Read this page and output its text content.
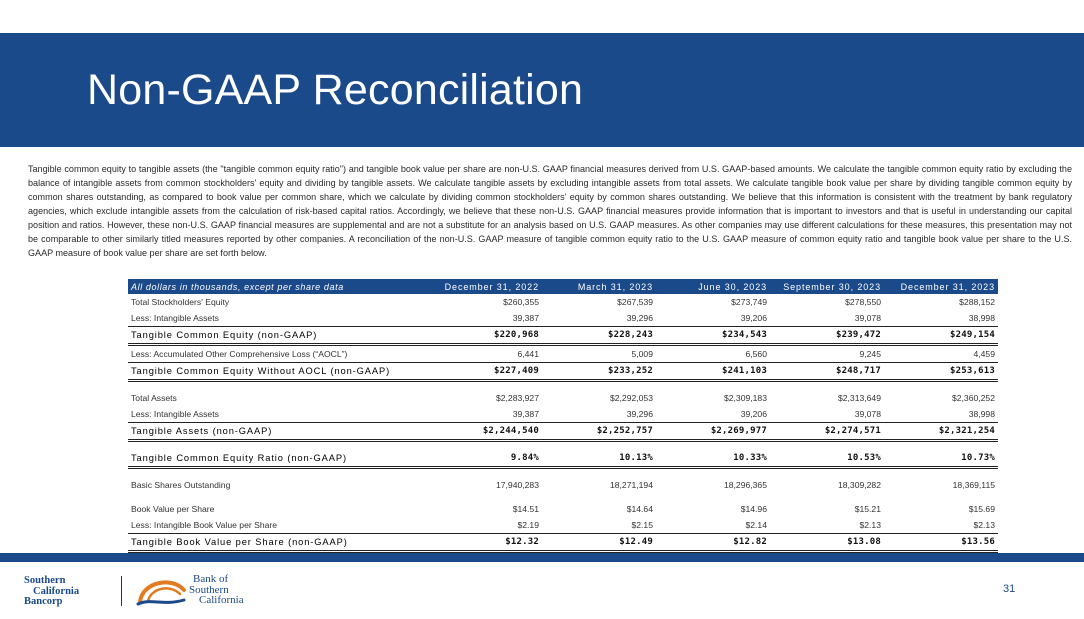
Non-GAAP Reconciliation
Tangible common equity to tangible assets (the "tangible common equity ratio") and tangible book value per share are non-U.S. GAAP financial measures derived from U.S. GAAP-based amounts. We calculate the tangible common equity ratio by excluding the balance of intangible assets from common stockholders' equity and dividing by tangible assets. We calculate tangible assets by excluding intangible assets from total assets. We calculate tangible book value per share by dividing tangible common equity by common shares outstanding, as compared to book value per common share, which we calculate by dividing common stockholders’ equity by common shares outstanding. We believe that this information is consistent with the treatment by bank regulatory agencies, which exclude intangible assets from the calculation of risk-based capital ratios. Accordingly, we believe that these non-U.S. GAAP financial measures provide information that is important to investors and that is useful in understanding our capital position and ratios. However, these non-U.S. GAAP financial measures are supplemental and are not a substitute for an analysis based on U.S. GAAP measures. As other companies may use different calculations for these measures, this presentation may not be comparable to other similarly titled measures reported by other companies. A reconciliation of the non-U.S. GAAP measure of tangible common equity ratio to the U.S. GAAP measure of common equity ratio and tangible book value per share to the U.S. GAAP measure of book value per share are set forth below.
All dollars in thousands, except per share data	December 31, 2022	March 31, 2023	June 30, 2023	September 30, 2023	December 31, 2023
Total Stockholders' Equity	$260,355	$267,539	$273,749	$278,550	$288,152
Less: Intangible Assets	39,387	39,296	39,206	39,078	38,998
Tangible Common Equity (non-GAAP)	$220,968	$228,243	$234,543	$239,472	$249,154
Less: Accumulated Other Comprehensive Loss (“AOCL”)	6,441	5,009	6,560	9,245	4,459
Tangible Common Equity Without AOCL (non-GAAP)	$227,409	$233,252	$241,103	$248,717	$253,613

Total Assets	$2,283,927	$2,292,053	$2,309,183	$2,313,649	$2,360,252
Less: Intangible Assets	39,387	39,296	39,206	39,078	38,998
Tangible Assets (non-GAAP)	$2,244,540	$2,252,757	$2,269,977	$2,274,571	$2,321,254

Tangible Common Equity Ratio (non-GAAP)	9.84%	10.13%	10.33%	10.53%	10.73%

Basic Shares Outstanding	17,940,283	18,271,194	18,296,365	18,309,282	18,369,115

Book Value per Share	$14.51	$14.64	$14.96	$15.21	$15.69
Less: Intangible Book Value per Share	$2.19	$2.15	$2.14	$2.13	$2.13
Tangible Book Value per Share (non-GAAP)	$12.32	$12.49	$12.82	$13.08	$13.56
Southern
California
Bancorp
Bank of
Southern
California
31
